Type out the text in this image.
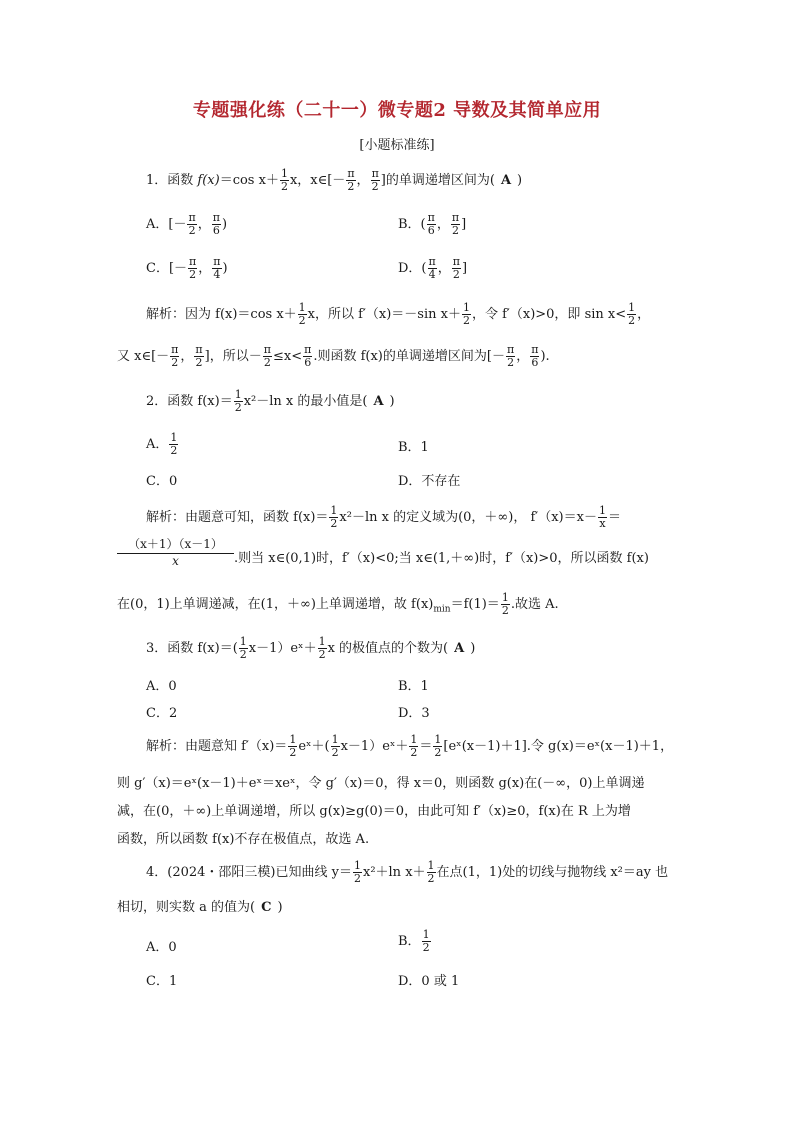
专题强化练（二十一）微专题2 导数及其简单应用
[小题标准练]
1．函数 f(x)＝cos $x+ \frac{1}{2}$ x，x∈[－ $\frac{\pi}{2}$ ， $\frac{\pi}{2}$ ]的单调递增区间为( A )
A．[－ $\frac{\pi}{2}$ ， $\frac{\pi}{6}$ )	B．( $\frac{\pi}{6}$ ， $\frac{\pi}{2}$ ]
C．[－ $\frac{\pi}{2}$ ， $\frac{\pi}{4}$ )	D．( $\frac{\pi}{4}$ ， $\frac{\pi}{2}$ ]
解析：因为 f(x)＝cos $x+ \frac{1}{2}$ x，所以 f′（x)＝－sin $x+ \frac{1}{2}$ ，令 f′（x)>0，即 $\sin x< \frac{1}{2}$ ，
又 x∈[－ $\frac{\pi}{2}$ ， $\frac{\pi}{2}$ ]，所以－ $\frac{\pi}{2} \le x< \frac{\pi}{6}$ .则函数 f(x)的单调递增区间为[－ $\frac{\pi}{2}$ ， $\frac{\pi}{6}$ ).
2．函数 $f(x)= \frac{1}{2} x^2-\ln$ x 的最小值是( A )
A． $\frac{1}{2}$	B．1
C．0	D．不存在
解析：由题意可知，函数 $f(x)= \frac{1}{2} x^2-\ln$ x 的定义域为(0，＋∞)， $f'(x)=x- \frac{1}{x}$ ＝
（x＋1）（x－1）
x	.则当 x∈(0,1)时，f′（x)<0;当 x∈(1,＋∞)时，f′（x)>0，所以函数 f(x)
在(0，1)上单调递减，在(1，＋∞)上单调递增，故 $f(x)_{min}=f(1)= \frac{1}{2}$ .故选 A.
3．函数 $f(x)=( \frac{1}{2}$ x－1）eˣ＋ $\frac{1}{2}$ x 的极值点的个数为( A )
A．0	B．1
C．2	D．3
解析：由题意知 $f'(x)= \frac{1}{2}$ eˣ＋( $\frac{1}{2}$ x－1）eˣ＋ $\frac{1}{2} = \frac{1}{2}$ [eˣ(x－1)＋1].令 g(x)＝eˣ(x－1)＋1，
则 g′（x)＝eˣ(x－1)＋eˣ＝xeˣ，令 g′（x)＝0，得 x＝0，则函数 g(x)在(－∞，0)上单调递
减，在(0，＋∞)上单调递增，所以 g(x)≥g(0)＝0，由此可知 f′（x)≥0，f(x)在 R 上为增
函数，所以函数 f(x)不存在极值点，故选 A.
4．(2024・邵阳三模)已知曲线 $y= \frac{1}{2} x^2+\ln$ $x+ \frac{1}{2}$ 在点(1，1)处的切线与抛物线 x²＝ay 也
相切，则实数 a 的值为( C )
A．0	B． $\frac{1}{2}$
C．1	D．0 或 1
